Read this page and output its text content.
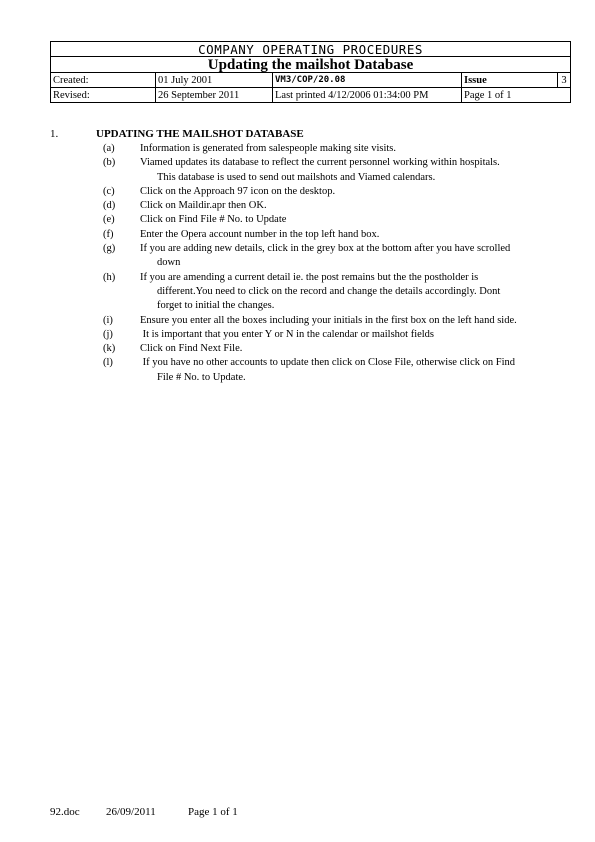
COMPANY OPERATING PROCEDURES				
Updating the mailshot Database				
Created:	01 July 2001	VM3/COP/20.08	Issue	3
Revised:	26 September 2011	Last printed 4/12/2006 01:34:00 PM	Page 1 of 1	
1.	UPDATING THE MAILSHOT DATABASE
(a)	Information is generated from salespeople making site visits.
(b)	Viamed updates its database to reflect the current personnel working within hospitals.
This database is used to send out mailshots and Viamed calendars.
(c)	Click on the Approach 97 icon on the desktop.
(d)	Click on Maildir.apr then OK.
(e)	Click on Find File # No. to Update
(f)	Enter the Opera account number in the top left hand box.
(g)	If you are adding new details, click in the grey box at the bottom after you have scrolled
down
(h)	If you are amending a current detail ie. the post remains but the the postholder is
different.You need to click on the record and change the details accordingly. Dont
forget to initial the changes.
(i)	Ensure you enter all the boxes including your initials in the first box on the left hand side.
(j)	It is important that you enter Y or N in the calendar or mailshot fields
(k)	Click on Find Next File.
(l)	If you have no other accounts to update then click on Close File, otherwise click on Find
File # No. to Update.
92.doc 26/09/2011	Page 1 of 1
